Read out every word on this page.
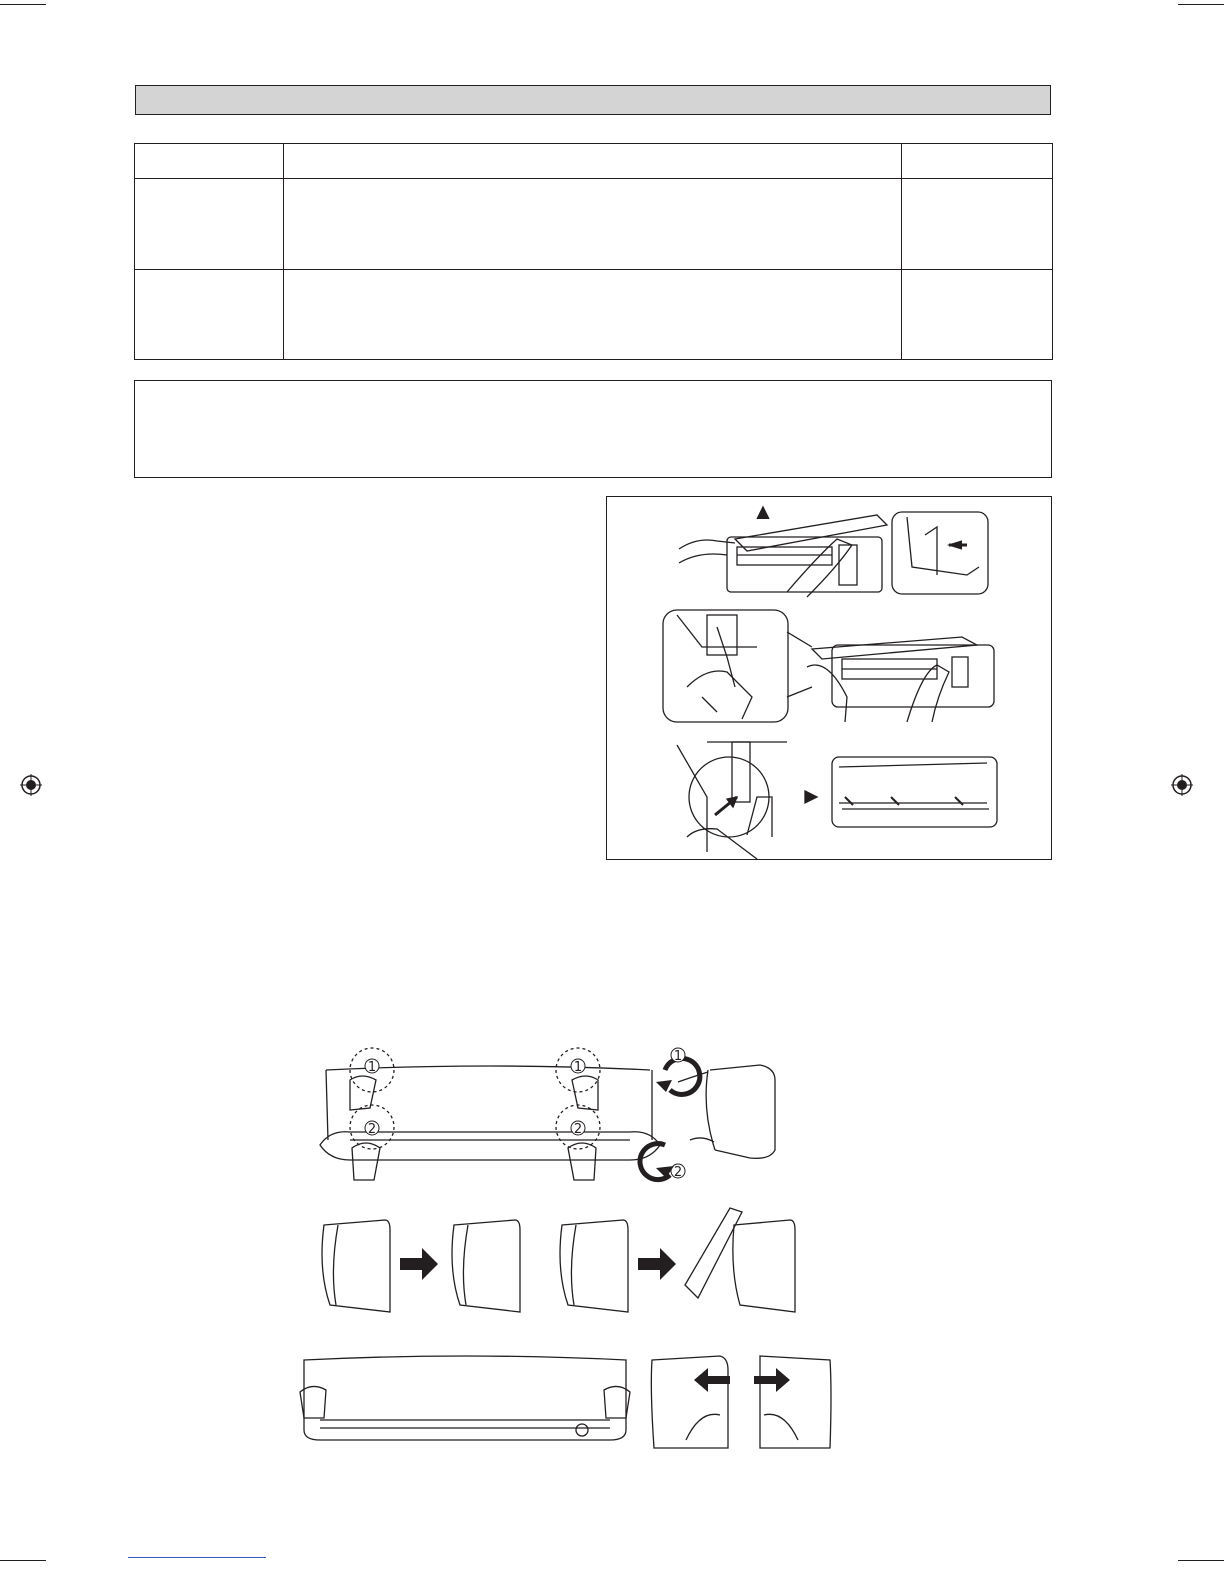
1	1
2	2
1
2
